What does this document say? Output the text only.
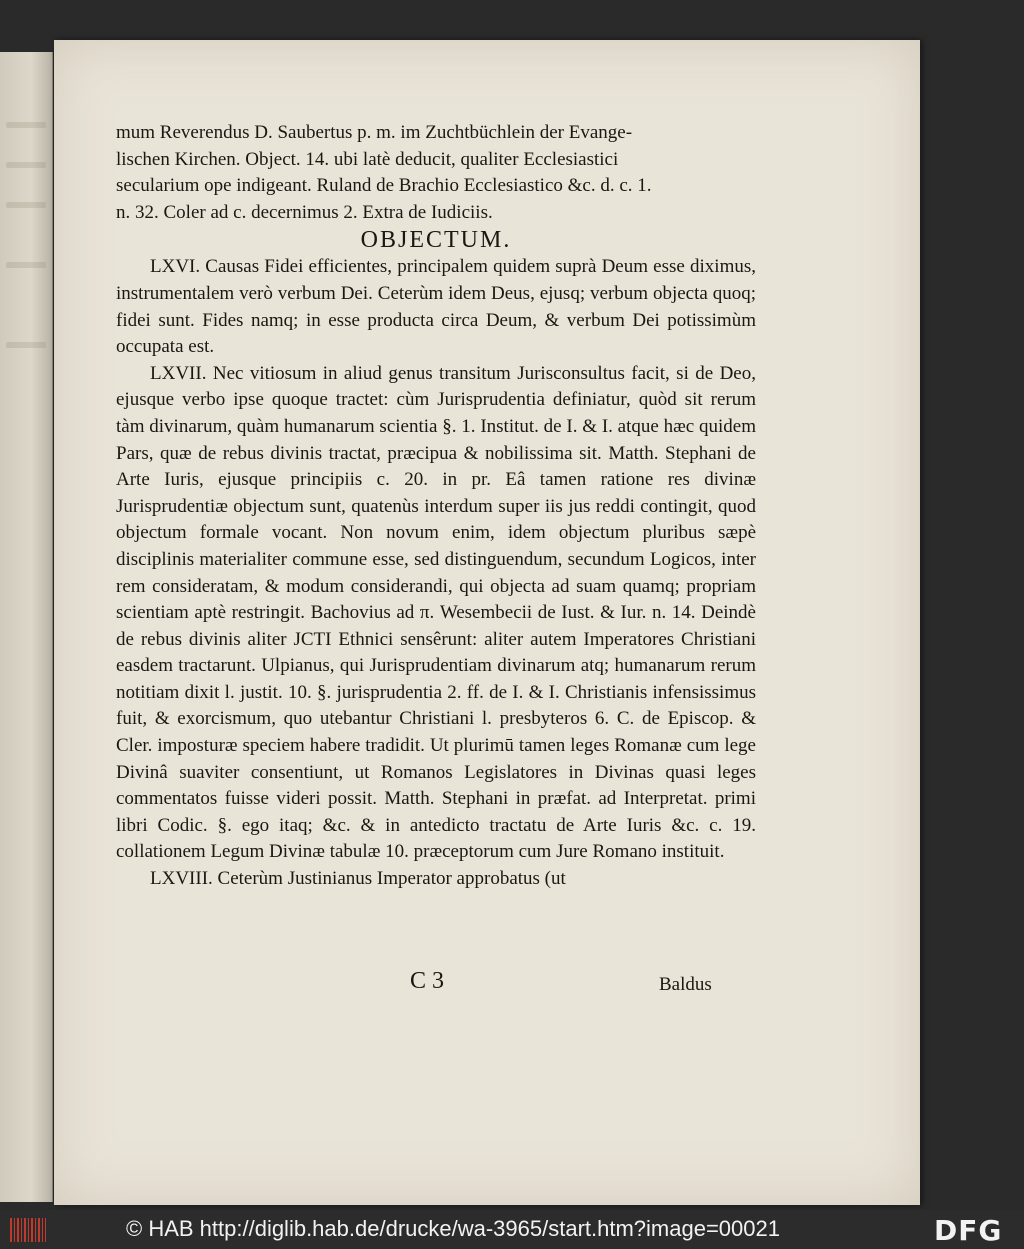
mum Reverendus D. Saubertus p. m. im Zuchtbüchlein der Evange-

lischen Kirchen. Object. 14. ubi latè deducit, qualiter Ecclesiastici

secularium ope indigeant. Ruland de Brachio Ecclesiastico &c. d. c. 1.

n. 32. Coler ad c. decernimus 2. Extra de Iudiciis.

OBJECTUM.

LXVI. Causas Fidei efficientes, principalem quidem suprà Deum esse diximus, instrumentalem verò verbum Dei. Ceterùm idem Deus, ejusq; verbum objecta quoq; fidei sunt. Fides namq; in esse producta circa Deum, & verbum Dei potissimùm occupata est.

LXVII. Nec vitiosum in aliud genus transitum Jurisconsultus facit, si de Deo, ejusque verbo ipse quoque tractet: cùm Jurisprudentia definiatur, quòd sit rerum tàm divinarum, quàm humanarum scientia §. 1. Institut. de I. & I. atque hæc quidem Pars, quæ de rebus divinis tractat, præcipua & nobilissima sit. Matth. Stephani de Arte Iuris, ejusque principiis c. 20. in pr. Eâ tamen ratione res divinæ Jurisprudentiæ objectum sunt, quatenùs interdum super iis jus reddi contingit, quod objectum formale vocant. Non novum enim, idem objectum pluribus sæpè disciplinis materialiter commune esse, sed distinguendum, secundum Logicos, inter rem consideratam, & modum considerandi, qui objecta ad suam quamq; propriam scientiam aptè restringit. Bachovius ad π. Wesembecii de Iust. & Iur. n. 14. Deindè de rebus divinis aliter JCTI Ethnici sensêrunt: aliter autem Imperatores Christiani easdem tractarunt. Ulpianus, qui Jurisprudentiam divinarum atq; humanarum rerum notitiam dixit l. justit. 10. §. jurisprudentia 2. ff. de I. & I. Christianis infensissimus fuit, & exorcismum, quo utebantur Christiani l. presbyteros 6. C. de Episcop. & Cler. imposturæ speciem habere tradidit. Ut plurimū tamen leges Romanæ cum lege Divinâ suaviter consentiunt, ut Romanos Legislatores in Divinas quasi leges commentatos fuisse videri possit. Matth. Stephani in præfat. ad Interpretat. primi libri Codic. §. ego itaq; &c. & in antedicto tractatu de Arte Iuris &c. c. 19. collationem Legum Divinæ tabulæ 10. præceptorum cum Jure Romano instituit.

LXVIII. Ceterùm Justinianus Imperator approbatus (ut

C 3	Baldus
© HAB http://diglib.hab.de/drucke/wa-3965/start.htm?image=00021	DFG
